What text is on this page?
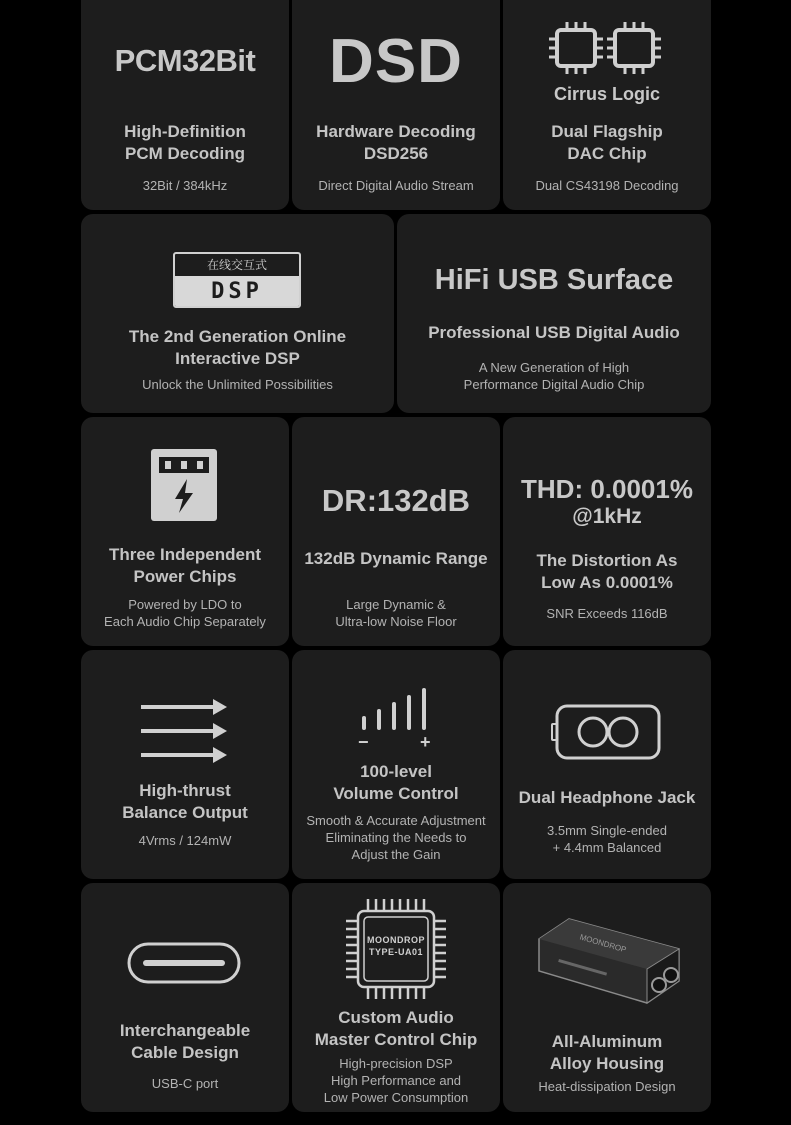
PCM32Bit
High-Definition
PCM Decoding
32Bit / 384kHz
DSD
Hardware Decoding
DSD256
Direct Digital Audio Stream
Cirrus Logic
Dual Flagship
DAC Chip
Dual CS43198 Decoding
在线交互式
DSP
The 2nd Generation Online
Interactive DSP
Unlock the Unlimited Possibilities
HiFi USB Surface
Professional USB Digital Audio
A New Generation of High
Performance Digital Audio Chip
Three Independent
Power Chips
Powered by LDO to
Each Audio Chip Separately
DR:132dB
132dB Dynamic Range
Large Dynamic &
Ultra-low Noise Floor
THD: 0.0001%
@1kHz
The Distortion As
Low As 0.0001%
SNR Exceeds 116dB
High-thrust
Balance Output
4Vrms / 124mW
−	+
100-level
Volume Control
Smooth & Accurate Adjustment
Eliminating the Needs to
Adjust the Gain
Dual Headphone Jack
3.5mm Single-ended
+ 4.4mm Balanced
Interchangeable
Cable Design
USB-C port
MOONDROP
TYPE-UA01
Custom Audio
Master Control Chip
High-precision DSP
High Performance and
Low Power Consumption
MOONDROP
All-Aluminum
Alloy Housing
Heat-dissipation Design
